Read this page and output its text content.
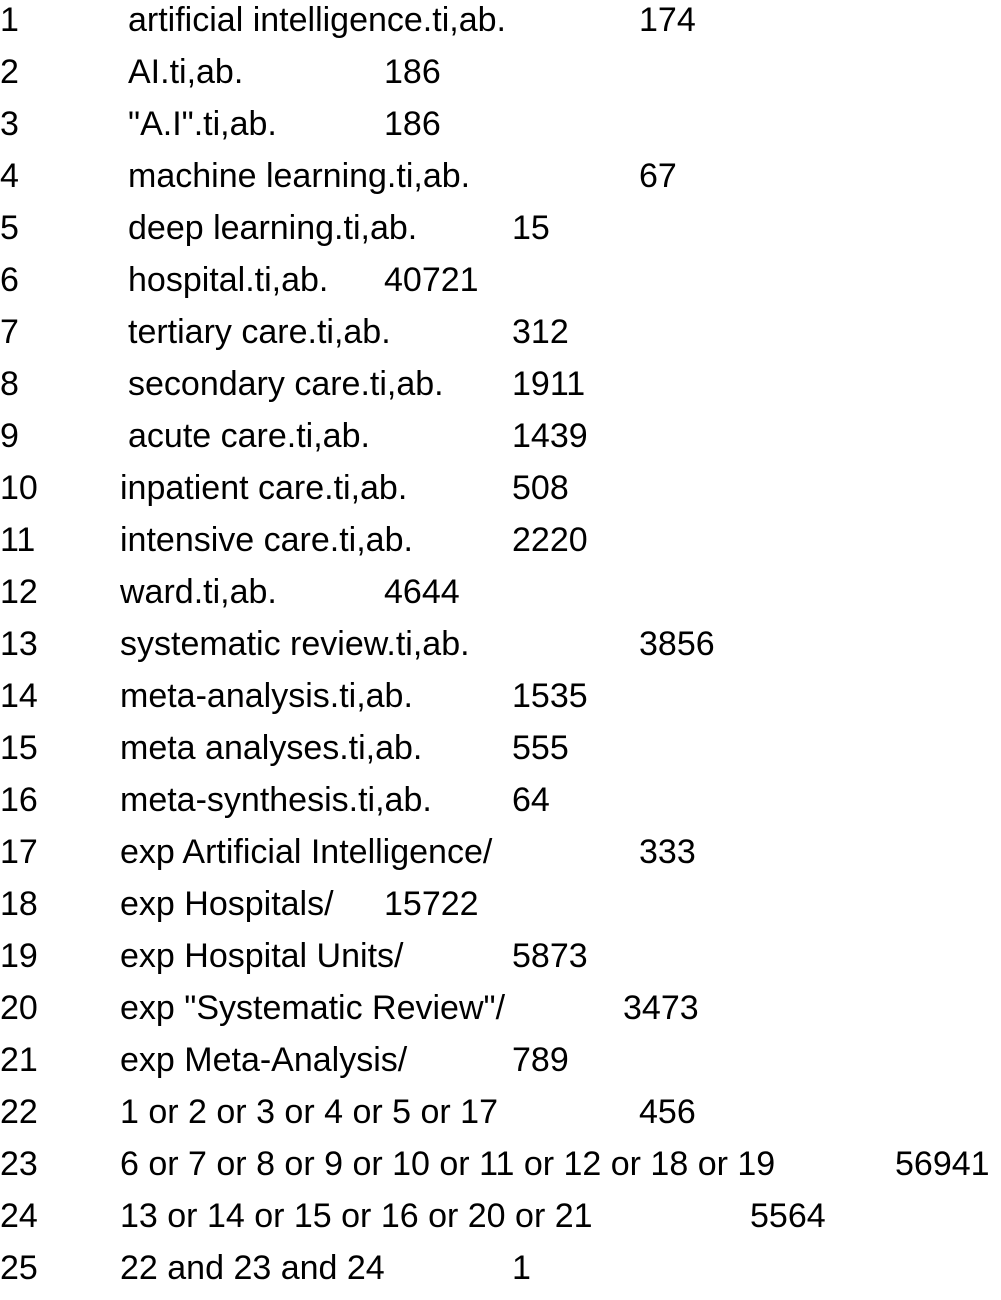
1	artificial intelligence.ti,ab.	174
2	AI.ti,ab.	186
3	"A.I".ti,ab.	186
4	machine learning.ti,ab.	67
5	deep learning.ti,ab.	15
6	hospital.ti,ab. 40721
7	tertiary care.ti,ab.	312
8	secondary care.ti,ab. 1911
9	acute care.ti,ab.	1439
10 inpatient care.ti,ab.	508
11 intensive care.ti,ab.	2220
12 ward.ti,ab.	4644
13 systematic review.ti,ab.	3856
14 meta-analysis.ti,ab.	1535
15 meta analyses.ti,ab.	555
16 meta-synthesis.ti,ab. 64
17 exp Artificial Intelligence/	333
18 exp Hospitals/ 15722
19 exp Hospital Units/	5873
20 exp "Systematic Review"/	3473
21 exp Meta-Analysis/	789
22 1 or 2 or 3 or 4 or 5 or 17	456
23 6 or 7 or 8 or 9 or 10 or 11 or 12 or 18 or 19	56941
24 13 or 14 or 15 or 16 or 20 or 21	5564
25 22 and 23 and 24	1
